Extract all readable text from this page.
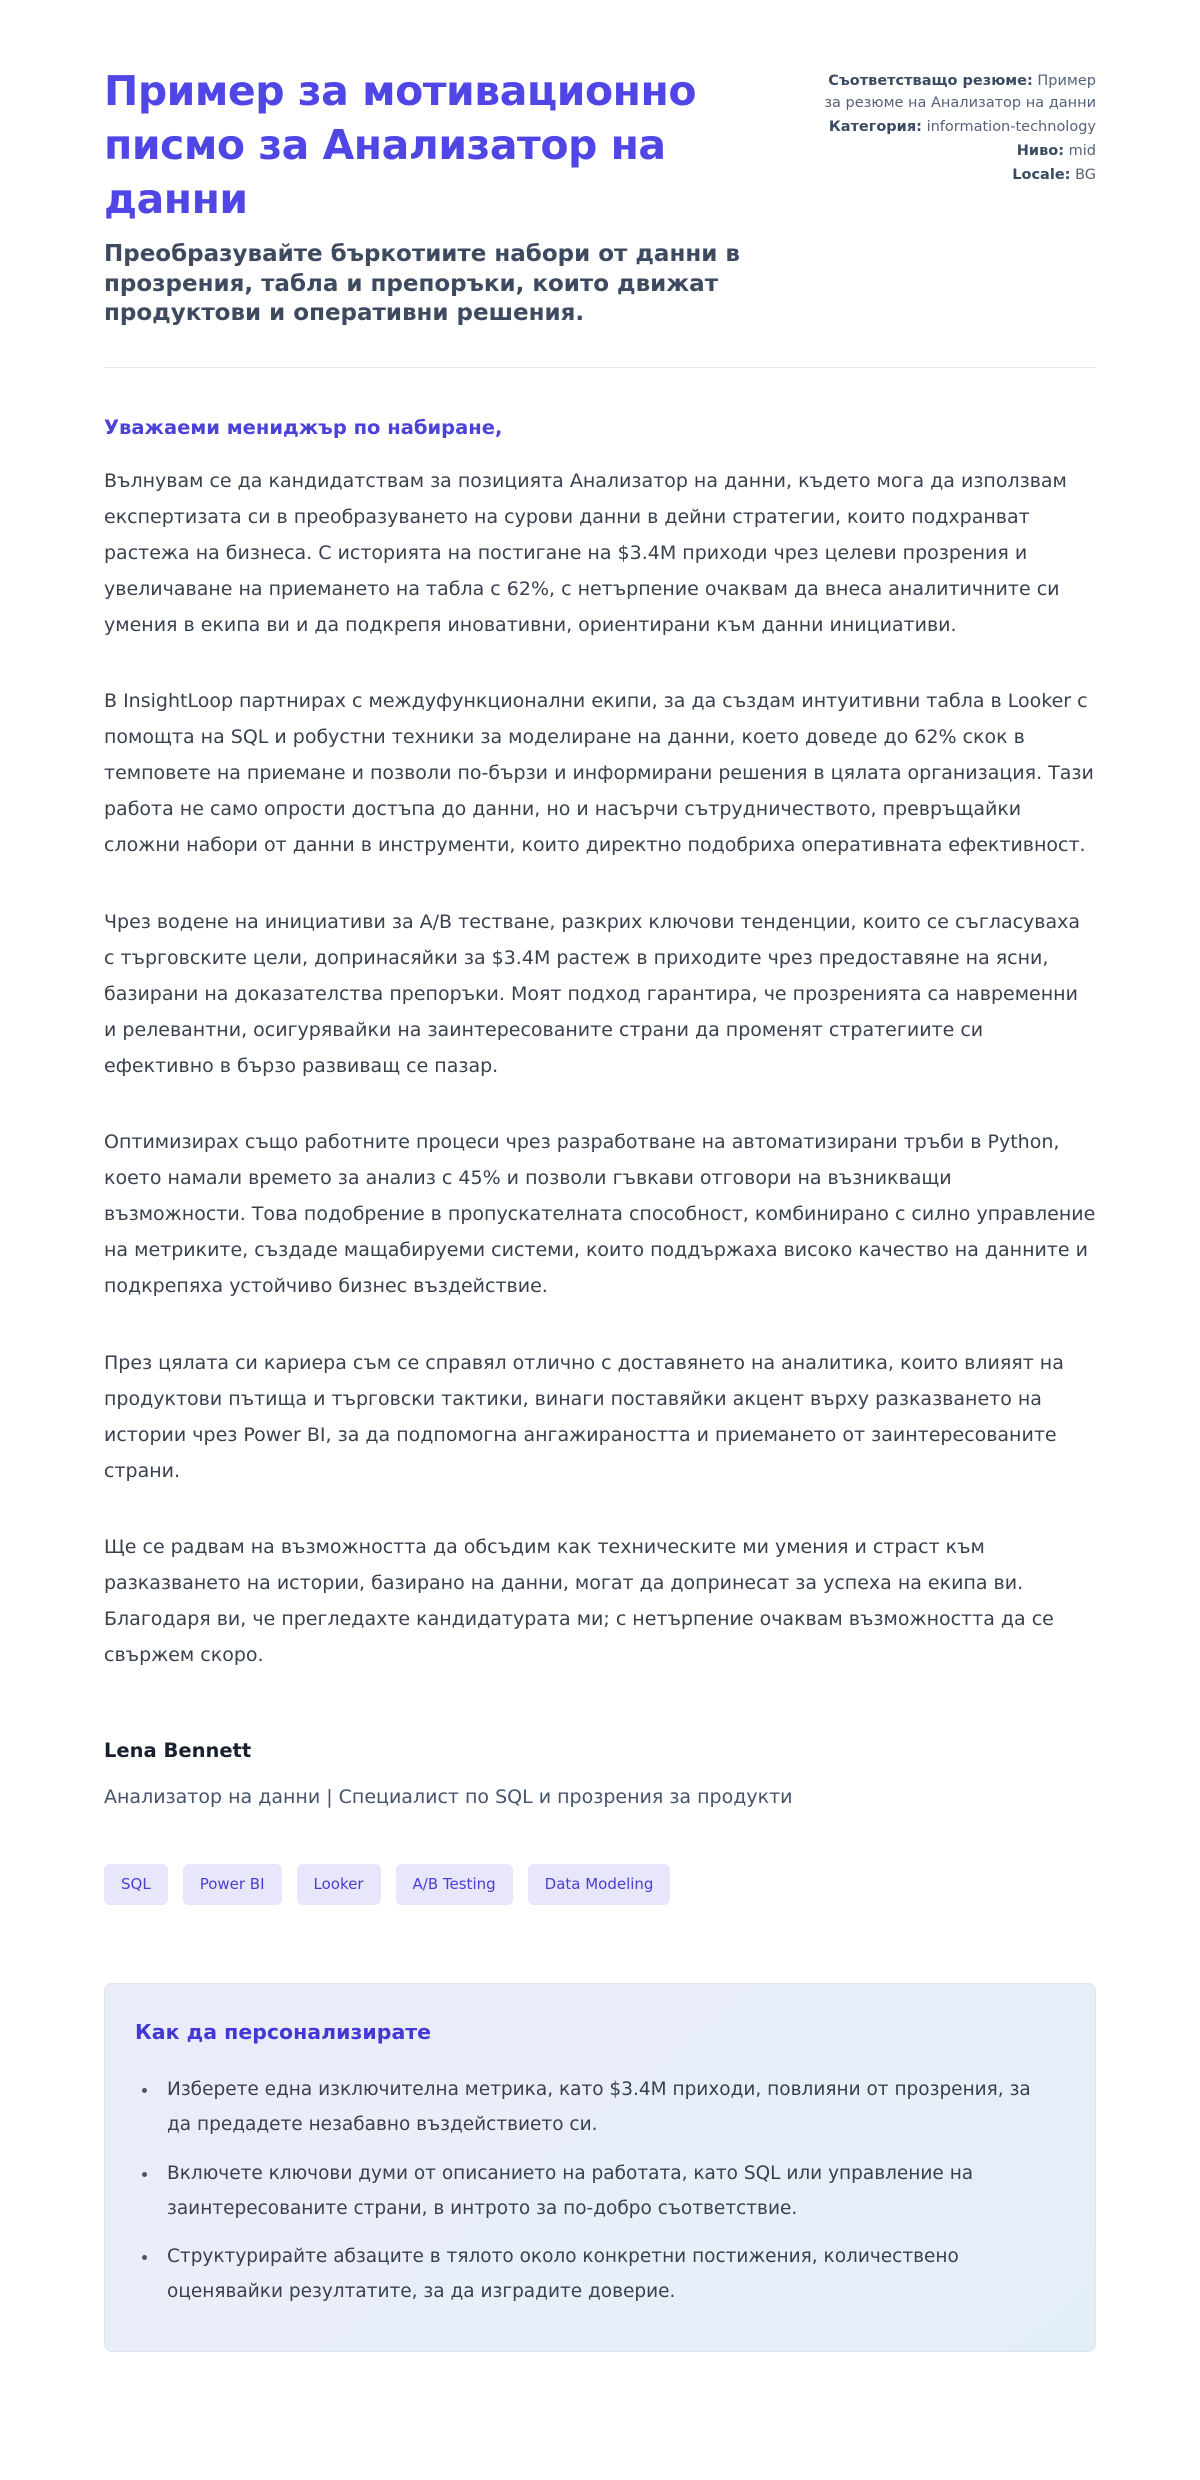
Пример за мотивационно писмо за Анализатор на данни

Преобразувайте бъркотиите набори от данни в прозрения, табла и препоръки, които движат продуктови и оперативни решения.

Съответстващо резюме: Пример за резюме на Анализатор на данни
Категория: information-technology
Ниво: mid
Locale: BG

Уважаеми мениджър по набиране,

Вълнувам се да кандидатствам за позицията Анализатор на данни, където мога да използвам експертизата си в преобразуването на сурови данни в дейни стратегии, които подхранват растежа на бизнеса. С историята на постигане на $3.4M приходи чрез целеви прозрения и увеличаване на приемането на табла с 62%, с нетърпение очаквам да внеса аналитичните си умения в екипа ви и да подкрепя иновативни, ориентирани към данни инициативи.

В InsightLoop партнирах с междуфункционални екипи, за да създам интуитивни табла в Looker с помощта на SQL и робустни техники за моделиране на данни, което доведе до 62% скок в темповете на приемане и позволи по-бързи и информирани решения в цялата организация. Тази работа не само опрости достъпа до данни, но и насърчи сътрудничеството, превръщайки сложни набори от данни в инструменти, които директно подобриха оперативната ефективност.

Чрез водене на инициативи за A/B тестване, разкрих ключови тенденции, които се съгласуваха с търговските цели, допринасяйки за $3.4M растеж в приходите чрез предоставяне на ясни, базирани на доказателства препоръки. Моят подход гарантира, че прозренията са навременни и релевантни, осигурявайки на заинтересованите страни да променят стратегиите си ефективно в бързо развиващ се пазар.

Оптимизирах също работните процеси чрез разработване на автоматизирани тръби в Python, което намали времето за анализ с 45% и позволи гъвкави отговори на възникващи възможности. Това подобрение в пропускателната способност, комбинирано с силно управление на метриките, създаде мащабируеми системи, които поддържаха високо качество на данните и подкрепяха устойчиво бизнес въздействие.

През цялата си кариера съм се справял отлично с доставянето на аналитика, които влияят на продуктови пътища и търговски тактики, винаги поставяйки акцент върху разказването на истории чрез Power BI, за да подпомогна ангажираността и приемането от заинтересованите страни.

Ще се радвам на възможността да обсъдим как техническите ми умения и страст към разказването на истории, базирано на данни, могат да допринесат за успеха на екипа ви. Благодаря ви, че прегледахте кандидатурата ми; с нетърпение очаквам възможността да се свържем скоро.

Lena Bennett

Анализатор на данни | Специалист по SQL и прозрения за продукти

SQL	Power BI	Looker	A/B Testing	Data Modeling
Как да персонализирате
• Изберете една изключителна метрика, като $3.4M приходи, повлияни от прозрения, за да предадете незабавно въздействието си.
• Включете ключови думи от описанието на работата, като SQL или управление на заинтересованите страни, в интрото за по-добро съответствие.
• Структурирайте абзаците в тялото около конкретни постижения, количествено оценявайки резултатите, за да изградите доверие.
